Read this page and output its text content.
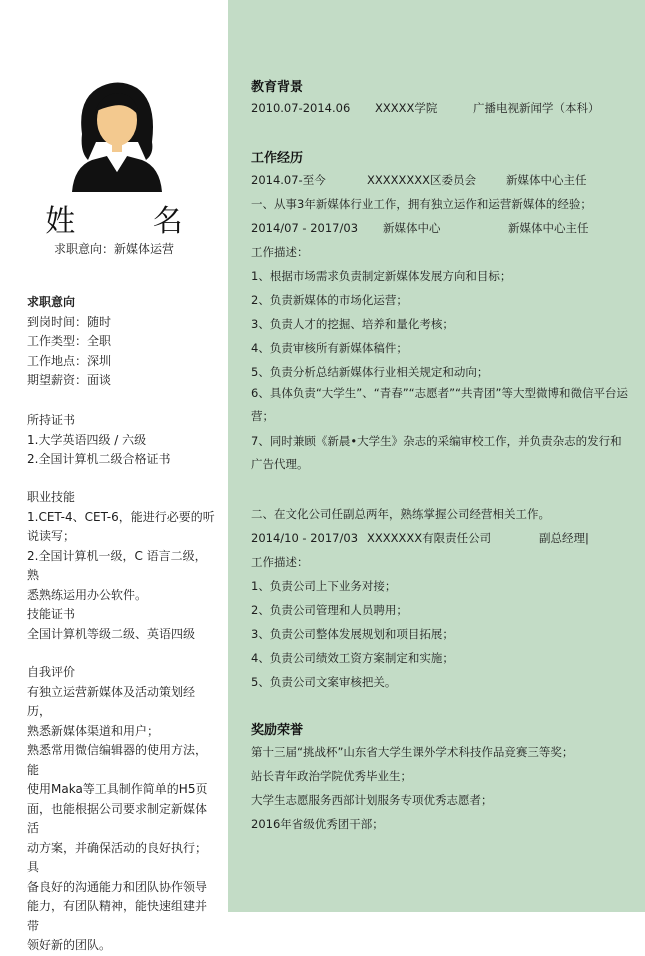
姓 名
求职意向：新媒体运营
求职意向
到岗时间：随时
工作类型：全职
工作地点：深圳
期望薪资：面谈
所持证书
1.大学英语四级 / 六级
2.全国计算机二级合格证书
职业技能
1.CET-4、CET-6，能进行必要的听
说读写；
2.全国计算机一级，C 语言二级，熟
悉熟练运用办公软件。
技能证书
全国计算机等级二级、英语四级
自我评价
有独立运营新媒体及活动策划经历，
熟悉新媒体渠道和用户；
熟悉常用微信编辑器的使用方法，能
使用Maka等工具制作简单的H5页
面，也能根据公司要求制定新媒体活
动方案，并确保活动的良好执行；具
备良好的沟通能力和团队协作领导
能力，有团队精神，能快速组建并带
领好新的团队。
教育背景
2010.07-2014.06 XXXXX学院	广播电视新闻学（本科）
工作经历
2014.07-至今	XXXXXXXX区委员会	新媒体中心主任
一、从事3年新媒体行业工作，拥有独立运作和运营新媒体的经验；
2014/07 - 2017/03 新媒体中心	新媒体中心主任
工作描述：
1、根据市场需求负责制定新媒体发展方向和目标；
2、负责新媒体的市场化运营；
3、负责人才的挖掘、培养和量化考核；
4、负责审核所有新媒体稿件；
5、负责分析总结新媒体行业相关规定和动向；
6、具体负责“大学生”、“青春”“志愿者”“共青团”等大型微博和微信平台运营；
7、同时兼顾《新晨•大学生》杂志的采编审校工作，并负责杂志的发行和广告代理。
二、在文化公司任副总两年，熟练掌握公司经营相关工作。
2014/10 - 2017/03 XXXXXXX有限责任公司	副总经理|
工作描述：
1、负责公司上下业务对接；
2、负责公司管理和人员聘用；
3、负责公司整体发展规划和项目拓展；
4、负责公司绩效工资方案制定和实施；
5、负责公司文案审核把关。
奖励荣誉
第十三届“挑战杯”山东省大学生课外学术科技作品竞赛三等奖；
站长青年政治学院优秀毕业生；
大学生志愿服务西部计划服务专项优秀志愿者；
2016年省级优秀团干部；
